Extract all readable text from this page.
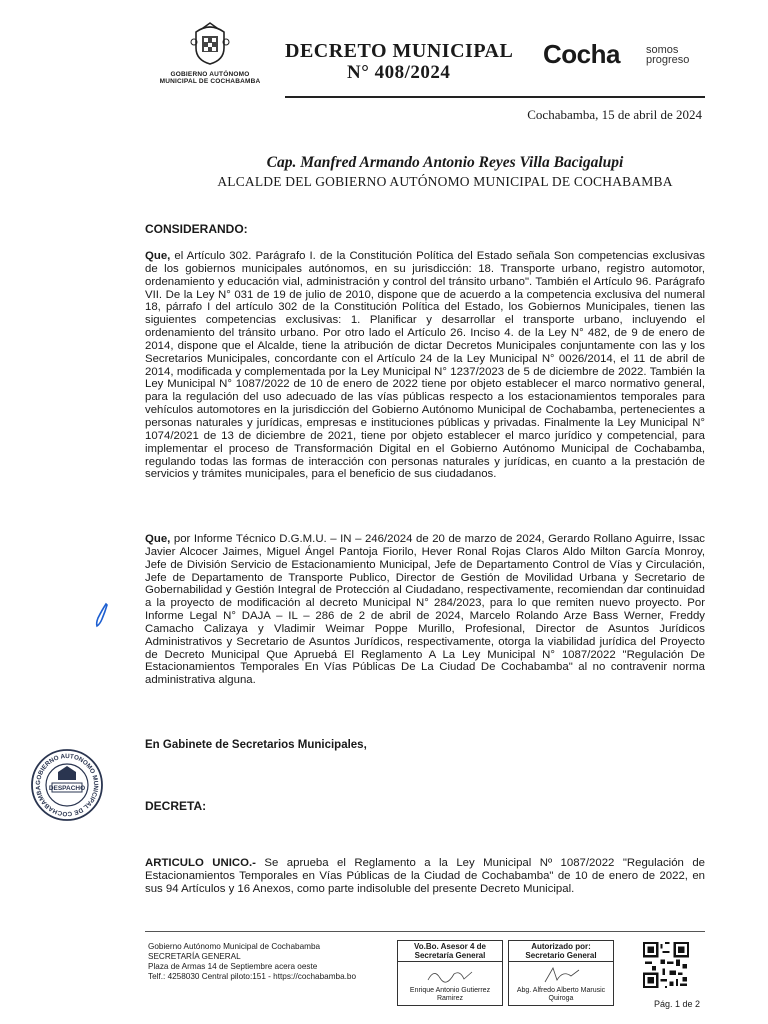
GOBIERNO AUTÓNOMO
MUNICIPAL DE COCHABAMBA
DECRETO MUNICIPAL
N° 408/2024
Cocha somos
progreso
Cochabamba, 15 de abril de 2024
Cap. Manfred Armando Antonio Reyes Villa Bacigalupi
ALCALDE DEL GOBIERNO AUTÓNOMO MUNICIPAL DE COCHABAMBA
CONSIDERANDO:
Que, el Artículo 302. Parágrafo I. de la Constitución Política del Estado señala Son competencias exclusivas de los gobiernos municipales autónomos, en su jurisdicción: 18. Transporte urbano, registro automotor, ordenamiento y educación vial, administración y control del tránsito urbano". También el Artículo 96. Parágrafo VII. De la Ley N° 031 de 19 de julio de 2010, dispone que de acuerdo a la competencia exclusiva del numeral 18, párrafo I del artículo 302 de la Constitución Política del Estado, los Gobiernos Municipales, tienen las siguientes competencias exclusivas: 1. Planificar y desarrollar el transporte urbano, incluyendo el ordenamiento del tránsito urbano. Por otro lado el Artículo 26. Inciso 4. de la Ley N° 482, de 9 de enero de 2014, dispone que el Alcalde, tiene la atribución de dictar Decretos Municipales conjuntamente con las y los Secretarios Municipales, concordante con el Artículo 24 de la Ley Municipal N° 0026/2014, el 11 de abril de 2014, modificada y complementada por la Ley Municipal N° 1237/2023 de 5 de diciembre de 2022. También la Ley Municipal N° 1087/2022 de 10 de enero de 2022 tiene por objeto establecer el marco normativo general, para la regulación del uso adecuado de las vías públicas respecto a los estacionamientos temporales para vehículos automotores en la jurisdicción del Gobierno Autónomo Municipal de Cochabamba, pertenecientes a personas naturales y jurídicas, empresas e instituciones públicas y privadas. Finalmente la Ley Municipal N° 1074/2021 de 13 de diciembre de 2021, tiene por objeto establecer el marco jurídico y competencial, para implementar el proceso de Transformación Digital en el Gobierno Autónomo Municipal de Cochabamba, regulando todas las formas de interacción con personas naturales y jurídicas, en cuanto a la prestación de servicios y trámites municipales, para el beneficio de sus ciudadanos.
Que, por Informe Técnico D.G.M.U. – IN – 246/2024 de 20 de marzo de 2024, Gerardo Rollano Aguirre, Issac Javier Alcocer Jaimes, Miguel Ángel Pantoja Fiorilo, Hever Ronal Rojas Claros Aldo Milton García Monroy, Jefe de División Servicio de Estacionamiento Municipal, Jefe de Departamento Control de Vías y Circulación, Jefe de Departamento de Transporte Publico, Director de Gestión de Movilidad Urbana y Secretario de Gobernabilidad y Gestión Integral de Protección al Ciudadano, respectivamente, recomiendan dar continuidad a la proyecto de modificación al decreto Municipal N° 284/2023, para lo que remiten nuevo proyecto. Por Informe Legal N° DAJA – IL – 286 de 2 de abril de 2024, Marcelo Rolando Arze Bass Werner, Freddy Camacho Calizaya y Vladimir Weimar Poppe Murillo, Profesional, Director de Asuntos Jurídicos Administrativos y Secretario de Asuntos Jurídicos, respectivamente, otorga la viabilidad jurídica del Proyecto de Decreto Municipal Que Apruebá El Reglamento A La Ley Municipal N° 1087/2022 "Regulación De Estacionamientos Temporales En Vías Públicas De La Ciudad De Cochabamba" al no contravenir norma administrativa alguna.
En Gabinete de Secretarios Municipales,
DECRETA:
ARTICULO UNICO.- Se aprueba el Reglamento a la Ley Municipal Nº 1087/2022 "Regulación de Estacionamientos Temporales en Vías Públicas de la Ciudad de Cochabamba" de 10 de enero de 2022, en sus 94 Artículos y 16 Anexos, como parte indisoluble del presente Decreto Municipal.
GOBIERNO AUTONOMO MUNICIPAL DE COCHABAMBA DESPACHO
Gobierno Autónomo Municipal de Cochabamba
SECRETARÍA GENERAL
Plaza de Armas 14 de Septiembre acera oeste
Telf.: 4258030 Central piloto:151 - https://cochabamba.bo
Vo.Bo. Asesor 4 de
Secretaría General
Enrique Antonio Gutierrez
Ramirez
Autorizado por:
Secretario General
Abg. Alfredo Alberto Marusic
Quiroga
Pág. 1 de 2
